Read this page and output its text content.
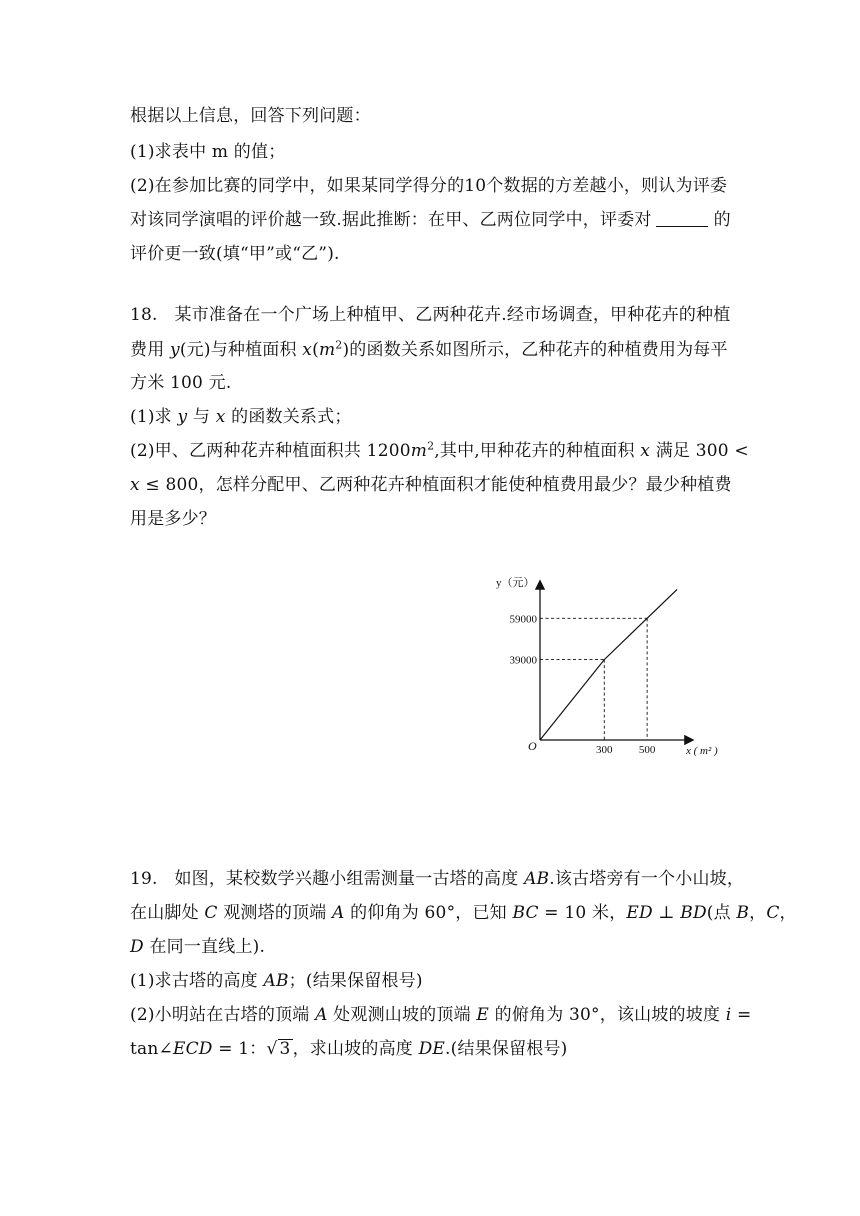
根据以上信息，回答下列问题：
(1)求表中 m 的值；
(2)在参加比赛的同学中，如果某同学得分的10个数据的方差越小，则认为评委
对该同学演唱的评价越一致.据此推断：在甲、乙两位同学中，评委对	的
评价更一致(填“甲”或“乙”).
18. 某市准备在一个广场上种植甲、乙两种花卉.经市场调查，甲种花卉的种植
费用 y(元)与种植面积 $x(m^2)$的函数关系如图所示，乙种花卉的种植费用为每平
方米 100 元.
(1)求 y 与 x 的函数关系式；
(2)甲、乙两种花卉种植面积共 $1200m^2$,其中,甲种花卉的种植面积 x 满足 300 <
x ≤ 800，怎样分配甲、乙两种花卉种植面积才能使种植费用最少？最少种植费
用是多少？
300
39000
500
59000
y（元）
x ( m² )
O
19. 如图，某校数学兴趣小组需测量一古塔的高度 AB.该古塔旁有一个小山坡，
在山脚处 C 观测塔的顶端 A 的仰角为 60°，已知 BC = 10 米，ED ⊥ BD(点 B，C，
D 在同一直线上).
(1)求古塔的高度 AB；(结果保留根号)
(2)小明站在古塔的顶端 A 处观测山坡的顶端 E 的俯角为 30°，该山坡的坡度 i =
tan∠ECD = 1：√ 3 ，求山坡的高度 DE.(结果保留根号)
